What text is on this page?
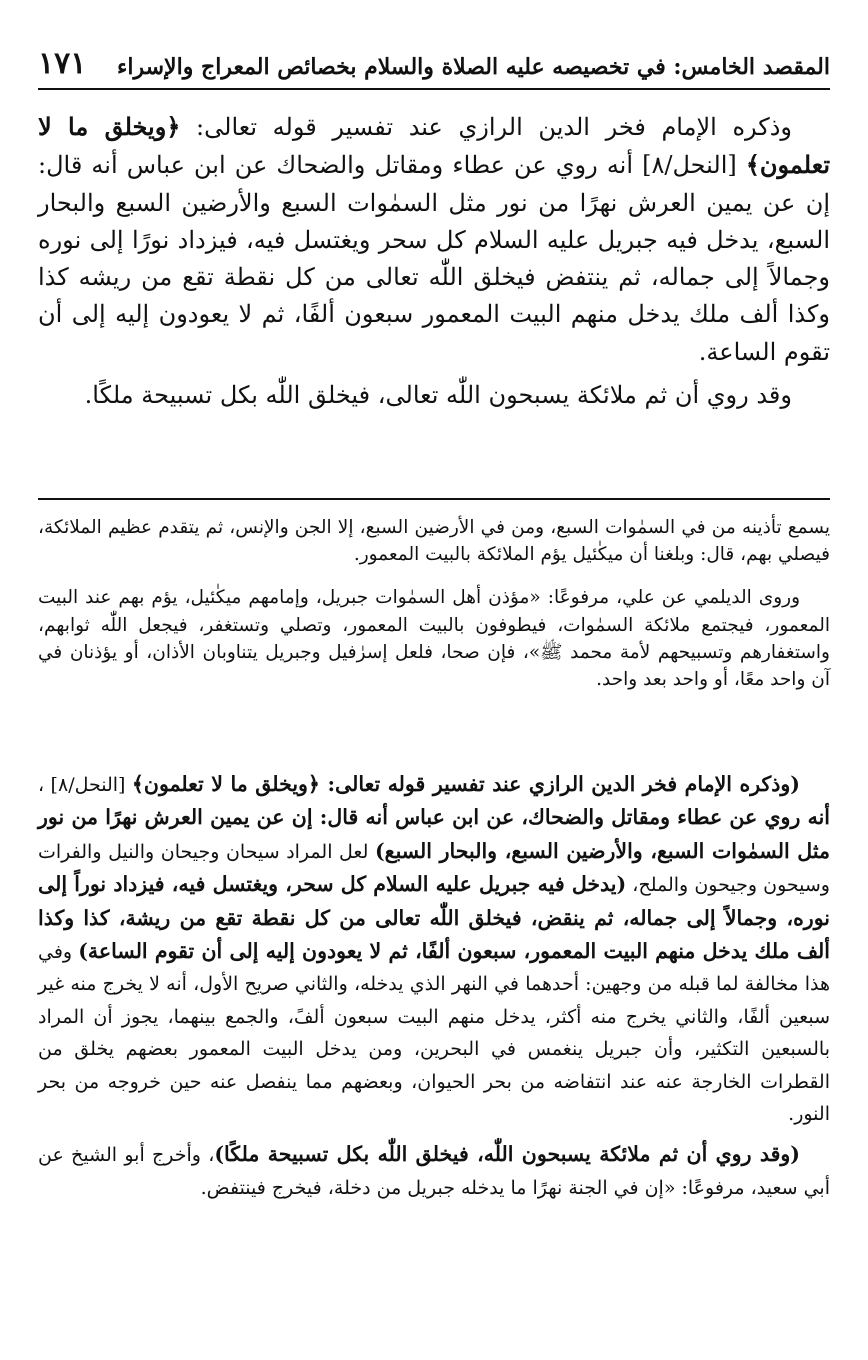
المقصد الخامس: في تخصيصه عليه الصلاة والسلام بخصائص المعراج والإسراء
١٧١

وذكره الإمام فخر الدين الرازي عند تفسير قوله تعالى: ﴿ويخلق ما لا تعلمون﴾ [النحل/٨] أنه روي عن عطاء ومقاتل والضحاك عن ابن عباس أنه قال: إن عن يمين العرش نهرًا من نور مثل السمٰوات السبع والأرضين السبع والبحار السبع، يدخل فيه جبريل عليه السلام كل سحر ويغتسل فيه، فيزداد نورًا إلى نوره وجمالاً إلى جماله، ثم ينتفض فيخلق اللّٰه تعالى من كل نقطة تقع من ريشه كذا وكذا ألف ملك يدخل منهم البيت المعمور سبعون ألفًا، ثم لا يعودون إليه إلى أن تقوم الساعة.

وقد روي أن ثم ملائكة يسبحون اللّٰه تعالى، فيخلق اللّٰه بكل تسبيحة ملكًا.

يسمع تأذينه من في السمٰوات السبع، ومن في الأرضين السبع، إلا الجن والإنس، ثم يتقدم عظيم الملائكة، فيصلي بهم، قال: وبلغنا أن ميكٰئيل يؤم الملائكة بالبيت المعمور.

وروى الديلمي عن علي، مرفوعًا: «مؤذن أهل السمٰوات جبريل، وإمامهم ميكٰئيل، يؤم بهم عند البيت المعمور، فيجتمع ملائكة السمٰوات، فيطوفون بالبيت المعمور، وتصلي وتستغفر، فيجعل اللّٰه ثوابهم، واستغفارهم وتسبيحهم لأمة محمد ﷺ»، فإن صحا، فلعل إسرٰفيل وجبريل يتناوبان الأذان، أو يؤذنان في آن واحد معًا، أو واحد بعد واحد.

(وذكره الإمام فخر الدين الرازي عند تفسير قوله تعالى: ﴿ويخلق ما لا تعلمون﴾ [النحل/٨] ، أنه روي عن عطاء ومقاتل والضحاك، عن ابن عباس أنه قال: إن عن يمين العرش نهرًا من نور مثل السمٰوات السبع، والأرضين السبع، والبحار السبع) لعل المراد سيحان وجيحان والنيل والفرات وسيحون وجيحون والملح، (يدخل فيه جبريل عليه السلام كل سحر، ويغتسل فيه، فيزداد نوراً إلى نوره، وجمالاً إلى جماله، ثم ينقض، فيخلق اللّٰه تعالى من كل نقطة تقع من ريشة، كذا وكذا ألف ملك يدخل منهم البيت المعمور، سبعون ألفًا، ثم لا يعودون إليه إلى أن تقوم الساعة) وفي هذا مخالفة لما قبله من وجهين: أحدهما في النهر الذي يدخله، والثاني صريح الأول، أنه لا يخرج منه غير سبعين ألفًا، والثاني يخرج منه أكثر، يدخل منهم البيت سبعون ألفً، والجمع بينهما، يجوز أن المراد بالسبعين التكثير، وأن جبريل ينغمس في البحرين، ومن يدخل البيت المعمور بعضهم يخلق من القطرات الخارجة عنه عند انتفاضه من بحر الحيوان، وبعضهم مما ينفصل عنه حين خروجه من بحر النور.

(وقد روي أن ثم ملائكة يسبحون اللّٰه، فيخلق اللّٰه بكل تسبيحة ملكًا)، وأخرج أبو الشيخ عن أبي سعيد، مرفوعًا: «إن في الجنة نهرًا ما يدخله جبريل من دخلة، فيخرج فينتفض.
